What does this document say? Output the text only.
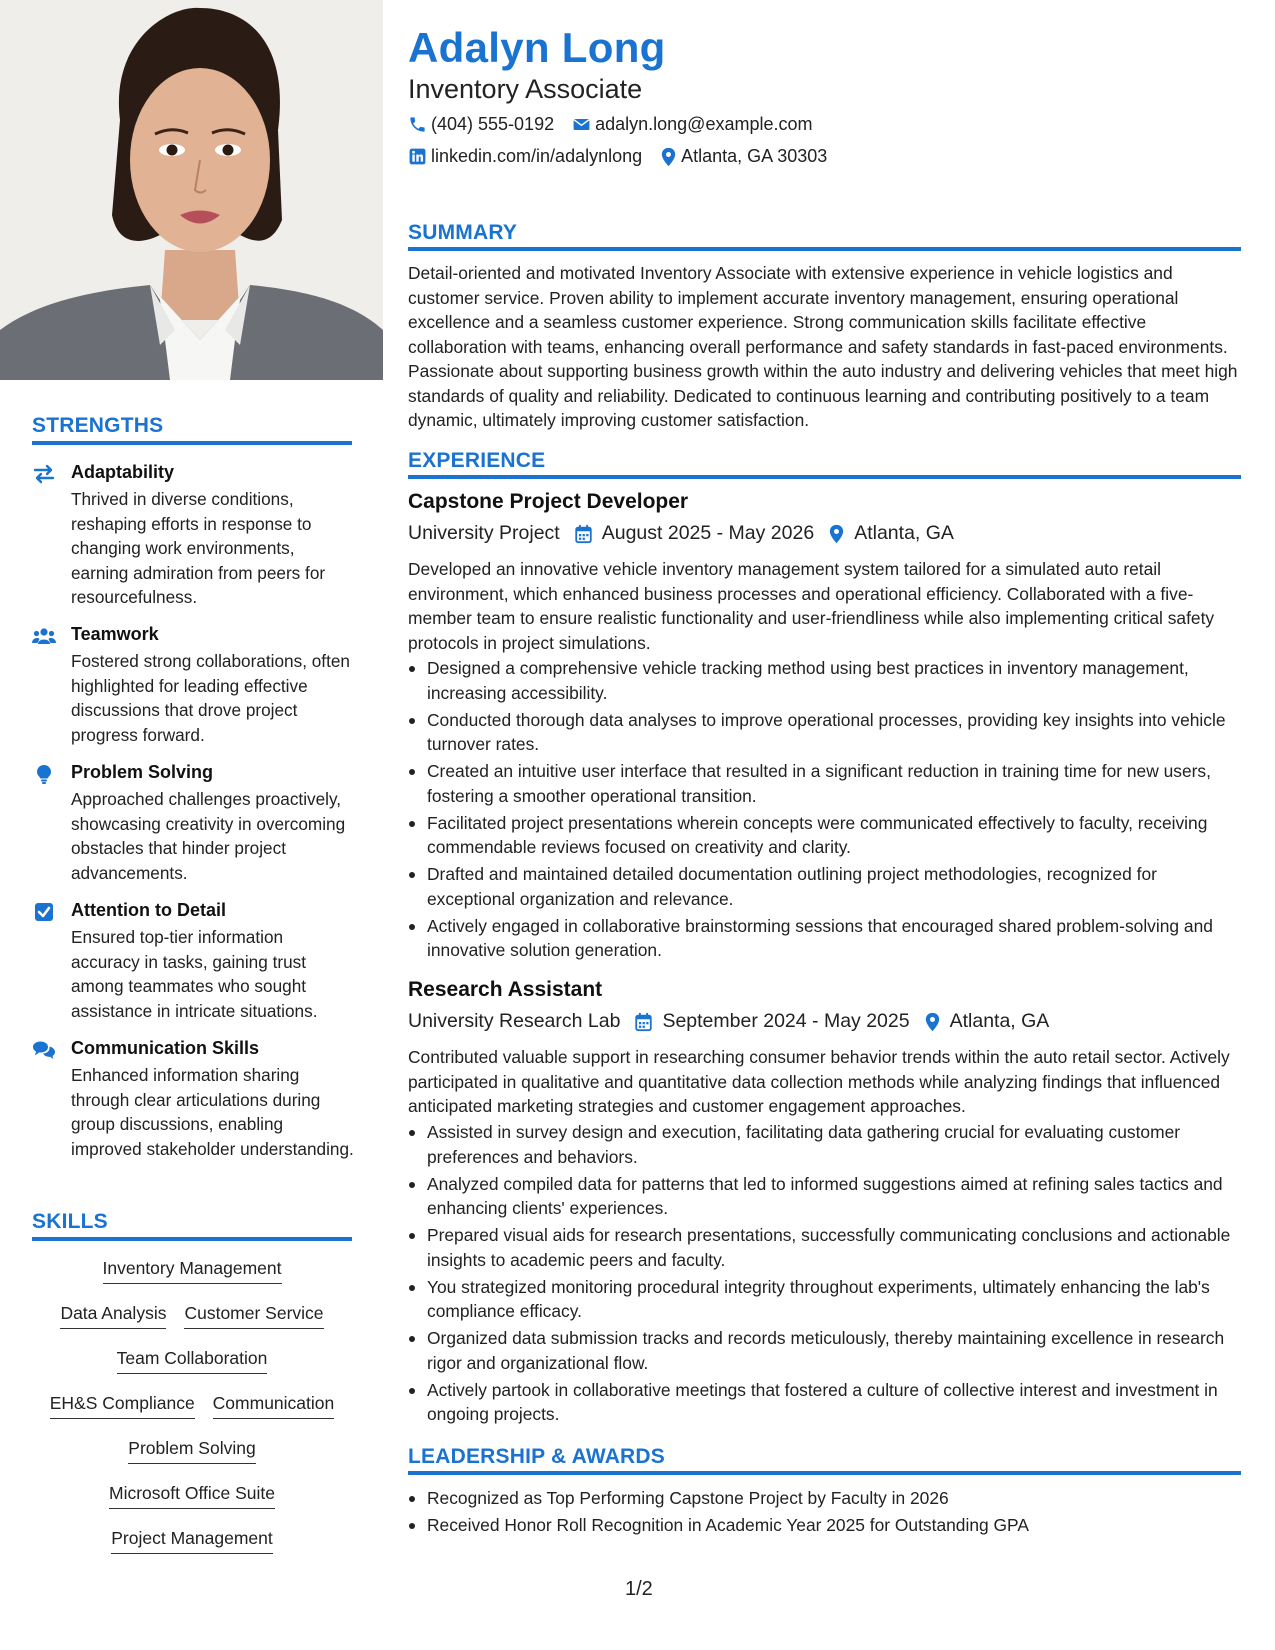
STRENGTHS
Adaptability
Thrived in diverse conditions, reshaping efforts in response to changing work environments, earning admiration from peers for resourcefulness.
Teamwork
Fostered strong collaborations, often highlighted for leading effective discussions that drove project progress forward.
Problem Solving
Approached challenges proactively, showcasing creativity in overcoming obstacles that hinder project advancements.
Attention to Detail
Ensured top-tier information accuracy in tasks, gaining trust among teammates who sought assistance in intricate situations.
Communication Skills
Enhanced information sharing through clear articulations during group discussions, enabling improved stakeholder understanding.
SKILLS
Inventory Management
Data Analysis Customer Service
Team Collaboration
EH&S Compliance Communication
Problem Solving
Microsoft Office Suite
Project Management
Adalyn Long
Inventory Associate
(404) 555-0192 adalyn.long@example.com
linkedin.com/in/adalynlong Atlanta, GA 30303
SUMMARY
Detail-oriented and motivated Inventory Associate with extensive experience in vehicle logistics and customer service. Proven ability to implement accurate inventory management, ensuring operational excellence and a seamless customer experience. Strong communication skills facilitate effective collaboration with teams, enhancing overall performance and safety standards in fast-paced environments. Passionate about supporting business growth within the auto industry and delivering vehicles that meet high standards of quality and reliability. Dedicated to continuous learning and contributing positively to a team dynamic, ultimately improving customer satisfaction.
EXPERIENCE
Capstone Project Developer
University Project August 2025 - May 2026 Atlanta, GA
Developed an innovative vehicle inventory management system tailored for a simulated auto retail environment, which enhanced business processes and operational efficiency. Collaborated with a five-member team to ensure realistic functionality and user-friendliness while also implementing critical safety protocols in project simulations.
Designed a comprehensive vehicle tracking method using best practices in inventory management, increasing accessibility.
Conducted thorough data analyses to improve operational processes, providing key insights into vehicle turnover rates.
Created an intuitive user interface that resulted in a significant reduction in training time for new users, fostering a smoother operational transition.
Facilitated project presentations wherein concepts were communicated effectively to faculty, receiving commendable reviews focused on creativity and clarity.
Drafted and maintained detailed documentation outlining project methodologies, recognized for exceptional organization and relevance.
Actively engaged in collaborative brainstorming sessions that encouraged shared problem-solving and innovative solution generation.
Research Assistant
University Research Lab September 2024 - May 2025 Atlanta, GA
Contributed valuable support in researching consumer behavior trends within the auto retail sector. Actively participated in qualitative and quantitative data collection methods while analyzing findings that influenced anticipated marketing strategies and customer engagement approaches.
Assisted in survey design and execution, facilitating data gathering crucial for evaluating customer preferences and behaviors.
Analyzed compiled data for patterns that led to informed suggestions aimed at refining sales tactics and enhancing clients' experiences.
Prepared visual aids for research presentations, successfully communicating conclusions and actionable insights to academic peers and faculty.
You strategized monitoring procedural integrity throughout experiments, ultimately enhancing the lab's compliance efficacy.
Organized data submission tracks and records meticulously, thereby maintaining excellence in research rigor and organizational flow.
Actively partook in collaborative meetings that fostered a culture of collective interest and investment in ongoing projects.
LEADERSHIP & AWARDS
Recognized as Top Performing Capstone Project by Faculty in 2026
Received Honor Roll Recognition in Academic Year 2025 for Outstanding GPA
1/2
